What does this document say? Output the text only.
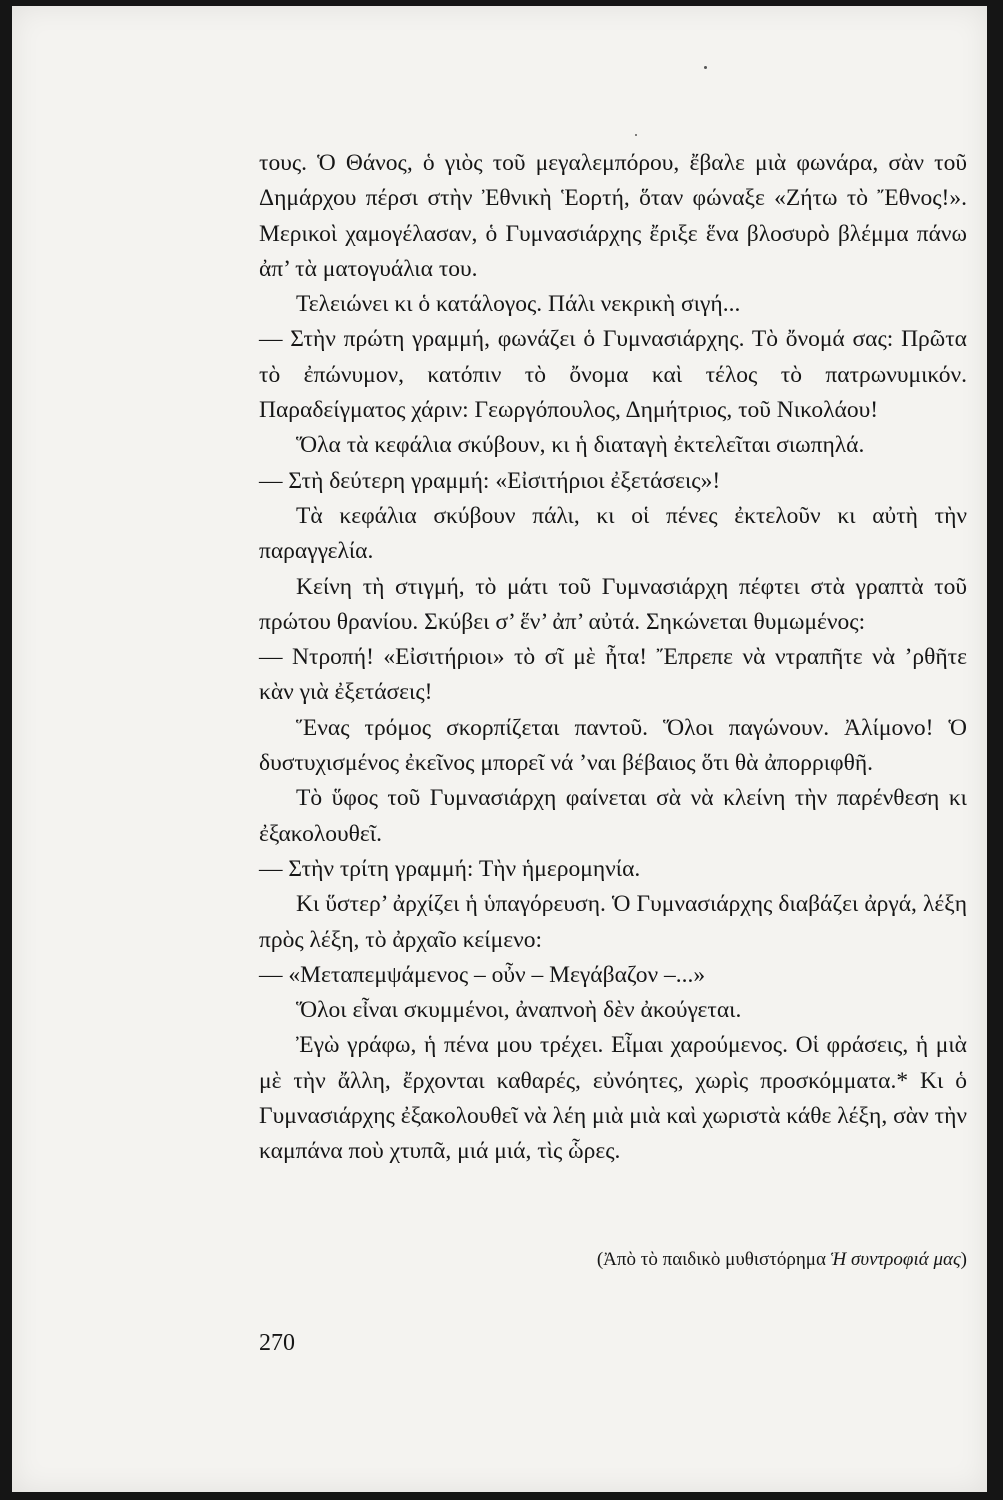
τους. Ὁ Θάνος, ὁ γιὸς τοῦ μεγαλεμπόρου, ἔβαλε μιὰ φωνάρα, σὰν τοῦ Δημάρχου πέρσι στὴν Ἐθνικὴ Ἑορτή, ὅταν φώναξε «Ζήτω τὸ Ἔθνος!». Μερικοὶ χαμογέλασαν, ὁ Γυμνασιάρχης ἔριξε ἕνα βλοσυρὸ βλέμμα πάνω ἀπ’ τὰ ματογυάλια του.

Τελειώνει κι ὁ κατάλογος. Πάλι νεκρικὴ σιγή...

— Στὴν πρώτη γραμμή, φωνάζει ὁ Γυμνασιάρχης. Τὸ ὄνομά σας: Πρῶτα τὸ ἐπώνυμον, κατόπιν τὸ ὄνομα καὶ τέλος τὸ πατρωνυμικόν. Παραδείγματος χάριν: Γεωργόπουλος, Δημήτριος, τοῦ Νικολάου!

Ὅλα τὰ κεφάλια σκύβουν, κι ἡ διαταγὴ ἐκτελεῖται σιωπηλά.

— Στὴ δεύτερη γραμμή: «Εἰσιτήριοι ἐξετάσεις»!

Τὰ κεφάλια σκύβουν πάλι, κι οἱ πένες ἐκτελοῦν κι αὐτὴ τὴν παραγγελία.

Κείνη τὴ στιγμή, τὸ μάτι τοῦ Γυμνασιάρχη πέφτει στὰ γραπτὰ τοῦ πρώτου θρανίου. Σκύβει σ’ ἕν’ ἀπ’ αὐτά. Σηκώνεται θυμωμένος:

— Ντροπή! «Εἰσιτήριοι» τὸ σῖ μὲ ἦτα! Ἔπρεπε νὰ ντραπῆτε νὰ ’ρθῆτε κὰν γιὰ ἐξετάσεις!

Ἕνας τρόμος σκορπίζεται παντοῦ. Ὅλοι παγώνουν. Ἀλίμονο! Ὁ δυστυχισμένος ἐκεῖνος μπορεῖ νά ’ναι βέβαιος ὅτι θὰ ἀπορριφθῆ.

Τὸ ὕφος τοῦ Γυμνασιάρχη φαίνεται σὰ νὰ κλείνη τὴν παρένθεση κι ἐξακολουθεῖ.

— Στὴν τρίτη γραμμή: Τὴν ἡμερομηνία.

Κι ὕστερ’ ἀρχίζει ἡ ὑπαγόρευση. Ὁ Γυμνασιάρχης διαβάζει ἀργά, λέξη πρὸς λέξη, τὸ ἀρχαῖο κείμενο:

— «Μεταπεμψάμενος – οὖν – Μεγάβαζον –...»

Ὅλοι εἶναι σκυμμένοι, ἀναπνοὴ δὲν ἀκούγεται.

Ἐγὼ γράφω, ἡ πένα μου τρέχει. Εἶμαι χαρούμενος. Οἱ φράσεις, ἡ μιὰ μὲ τὴν ἄλλη, ἔρχονται καθαρές, εὐνόητες, χωρὶς προσκόμματα.* Κι ὁ Γυμνασιάρχης ἐξακολουθεῖ νὰ λέη μιὰ μιὰ καὶ χωριστὰ κάθε λέξη, σὰν τὴν καμπάνα ποὺ χτυπᾶ, μιά μιά, τὶς ὧρες.

(Ἀπὸ τὸ παιδικὸ μυθιστόρημα Ἡ συντροφιά μας)
270
